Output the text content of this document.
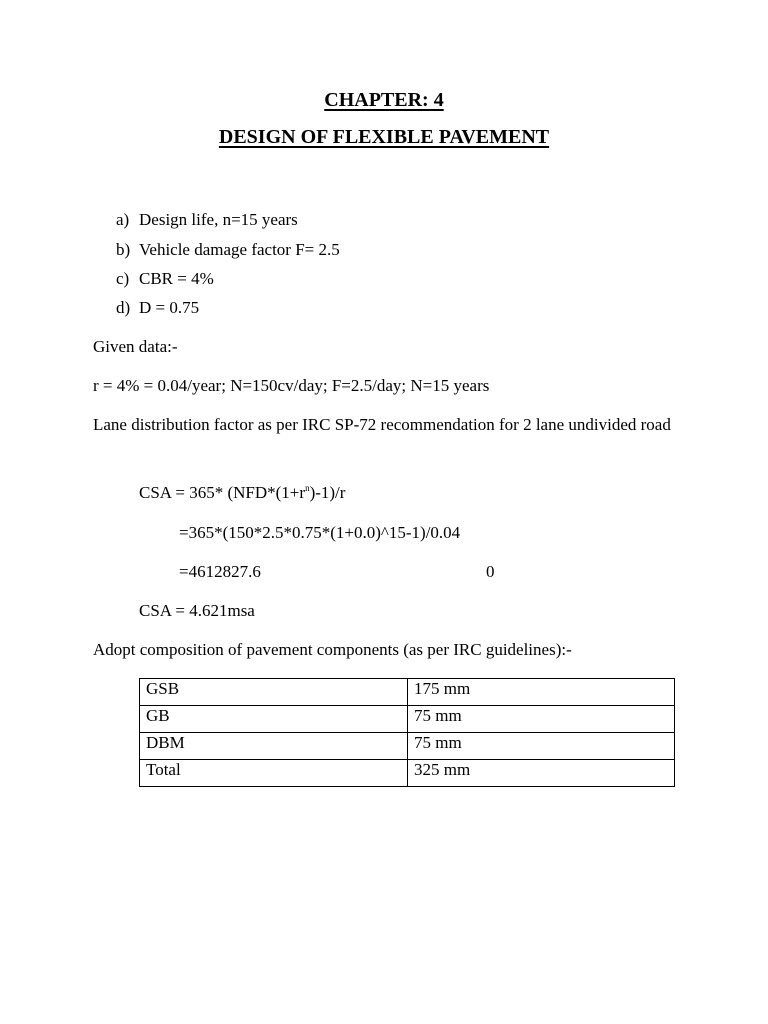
CHAPTER: 4
DESIGN OF FLEXIBLE PAVEMENT
a) Design life, n=15 years
b) Vehicle damage factor F= 2.5
c) CBR = 4%
d) D = 0.75
Given data:-
r = 4% = 0.04/year; N=150cv/day; F=2.5/day; N=15 years
Lane distribution factor as per IRC SP-72 recommendation for 2 lane undivided road
CSA = 365* $(NFD*(1+r^n)-1)/r$
=365*(150*2.5*0.75*(1+0.0)^15-1)/0.04
=4612827.6	0
CSA = 4.621msa
Adopt composition of pavement components (as per IRC guidelines):-
GSB	175 mm
GB	75 mm
DBM	75 mm
Total	325 mm
